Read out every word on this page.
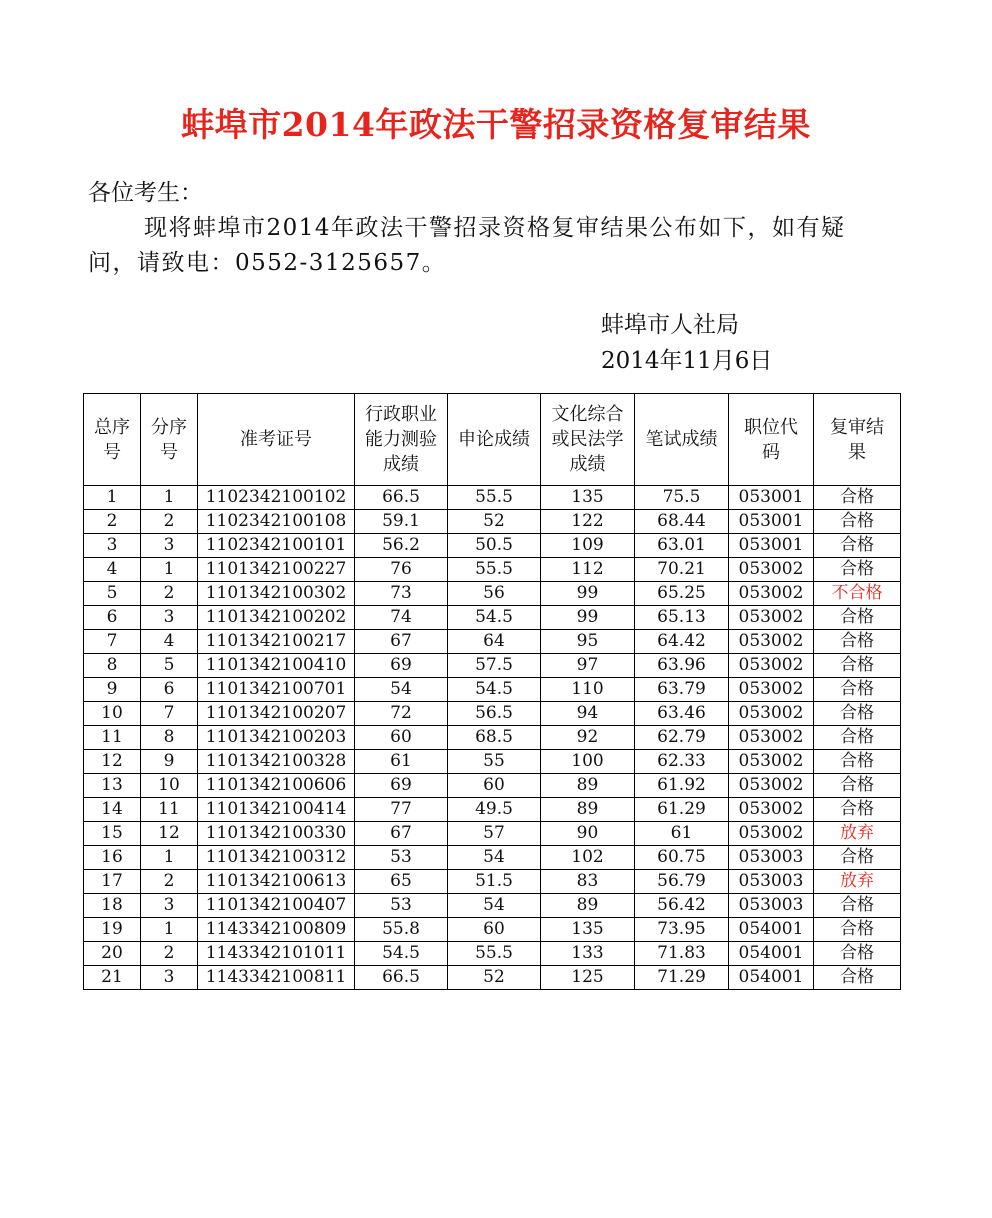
蚌埠市2014年政法干警招录资格复审结果

各位考生：

现将蚌埠市2014年政法干警招录资格复审结果公布如下，如有疑问，请致电：0552-3125657。

蚌埠市人社局
2014年11月6日
总序号	分序号	准考证号	行政职业能力测验成绩	申论成绩	文化综合或民法学成绩	笔试成绩	职位代码	复审结果
1	1	1102342100102	66.5	55.5	135	75.5	053001	合格
2	2	1102342100108	59.1	52	122	68.44	053001	合格
3	3	1102342100101	56.2	50.5	109	63.01	053001	合格
4	1	1101342100227	76	55.5	112	70.21	053002	合格
5	2	1101342100302	73	56	99	65.25	053002	不合格
6	3	1101342100202	74	54.5	99	65.13	053002	合格
7	4	1101342100217	67	64	95	64.42	053002	合格
8	5	1101342100410	69	57.5	97	63.96	053002	合格
9	6	1101342100701	54	54.5	110	63.79	053002	合格
10	7	1101342100207	72	56.5	94	63.46	053002	合格
11	8	1101342100203	60	68.5	92	62.79	053002	合格
12	9	1101342100328	61	55	100	62.33	053002	合格
13	10	1101342100606	69	60	89	61.92	053002	合格
14	11	1101342100414	77	49.5	89	61.29	053002	合格
15	12	1101342100330	67	57	90	61	053002	放弃
16	1	1101342100312	53	54	102	60.75	053003	合格
17	2	1101342100613	65	51.5	83	56.79	053003	放弃
18	3	1101342100407	53	54	89	56.42	053003	合格
19	1	1143342100809	55.8	60	135	73.95	054001	合格
20	2	1143342101011	54.5	55.5	133	71.83	054001	合格
21	3	1143342100811	66.5	52	125	71.29	054001	合格
